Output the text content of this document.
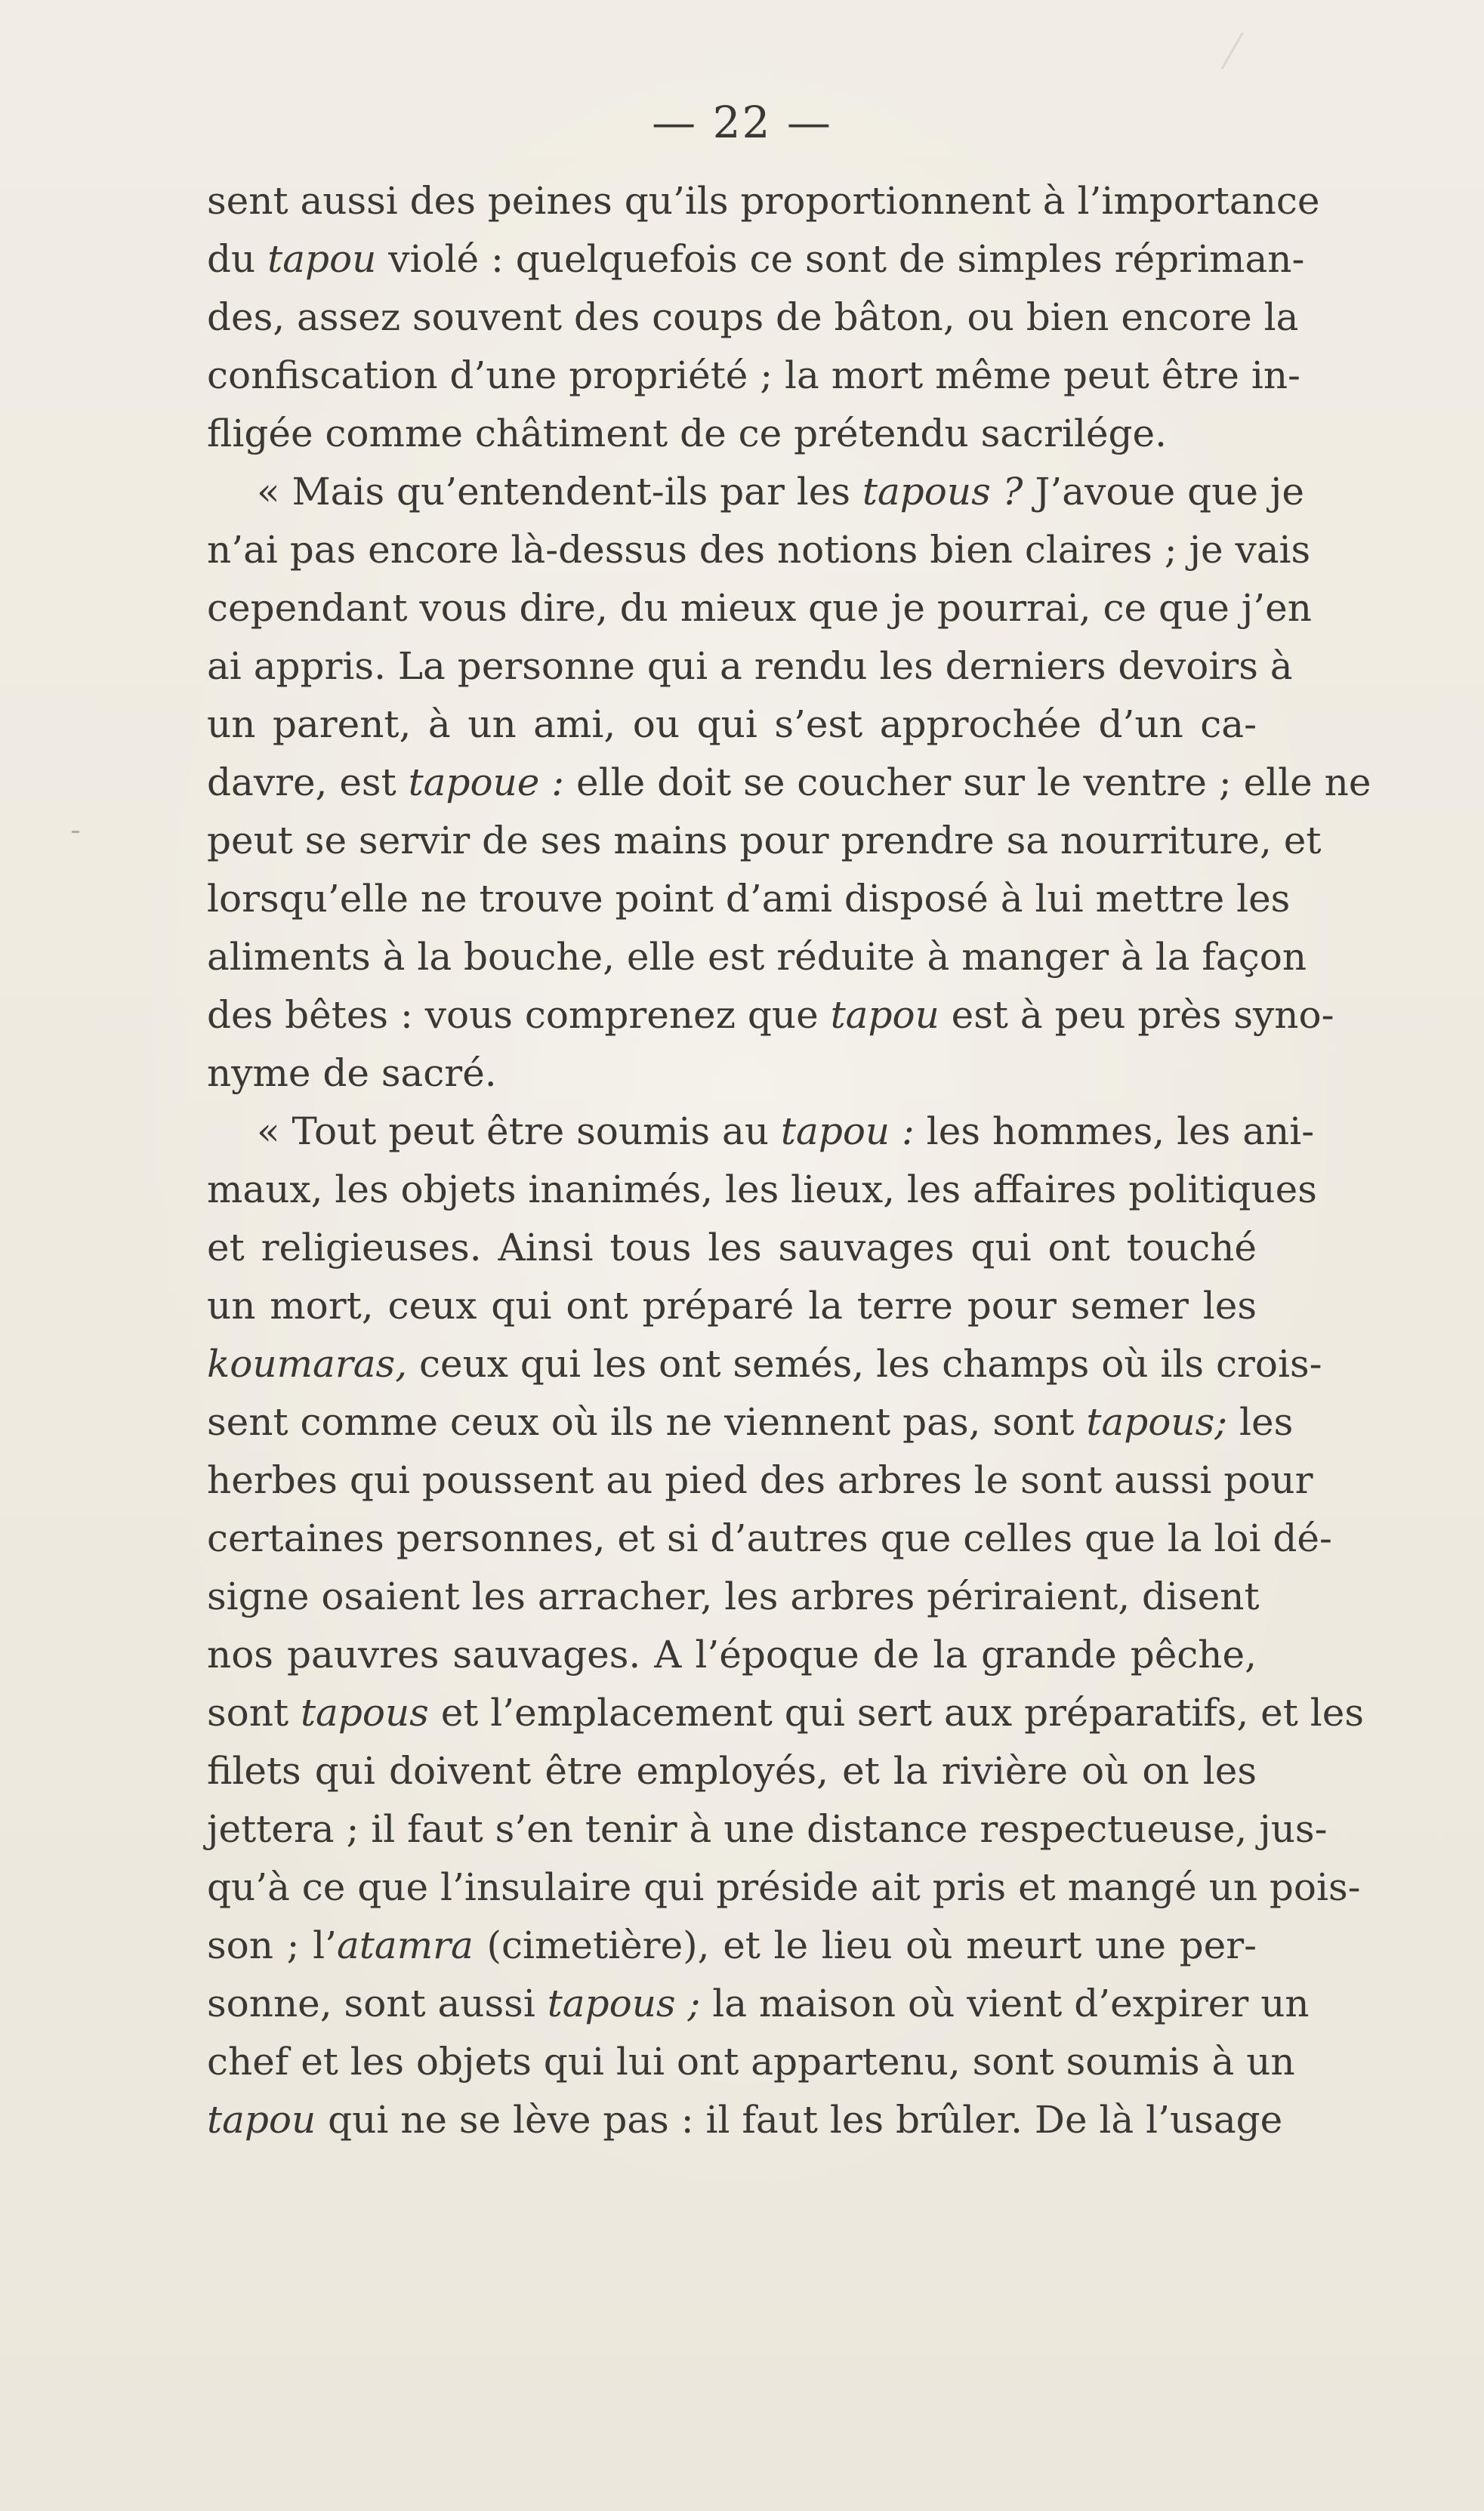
— 22 —
sent aussi des peines qu’ils proportionnent à l’importance
du tapou violé : quelquefois ce sont de simples répriman-
des, assez souvent des coups de bâton, ou bien encore la
confiscation d’une propriété ; la mort même peut être in-
fligée comme châtiment de ce prétendu sacrilége.
« Mais qu’entendent-ils par les tapous ? J’avoue que je
n’ai pas encore là-dessus des notions bien claires ; je vais
cependant vous dire, du mieux que je pourrai, ce que j’en
ai appris. La personne qui a rendu les derniers devoirs à
un parent, à un ami, ou qui s’est approchée d’un ca-
davre, est tapoue : elle doit se coucher sur le ventre ; elle ne
peut se servir de ses mains pour prendre sa nourriture, et
lorsqu’elle ne trouve point d’ami disposé à lui mettre les
aliments à la bouche, elle est réduite à manger à la façon
des bêtes : vous comprenez que tapou est à peu près syno-
nyme de sacré.
« Tout peut être soumis au tapou : les hommes, les ani-
maux, les objets inanimés, les lieux, les affaires politiques
et religieuses. Ainsi tous les sauvages qui ont touché
un mort, ceux qui ont préparé la terre pour semer les
koumaras, ceux qui les ont semés, les champs où ils crois-
sent comme ceux où ils ne viennent pas, sont tapous; les
herbes qui poussent au pied des arbres le sont aussi pour
certaines personnes, et si d’autres que celles que la loi dé-
signe osaient les arracher, les arbres périraient, disent
nos pauvres sauvages. A l’époque de la grande pêche,
sont tapous et l’emplacement qui sert aux préparatifs, et les
filets qui doivent être employés, et la rivière où on les
jettera ; il faut s’en tenir à une distance respectueuse, jus-
qu’à ce que l’insulaire qui préside ait pris et mangé un pois-
son ; l’atamra (cimetière), et le lieu où meurt une per-
sonne, sont aussi tapous ; la maison où vient d’expirer un
chef et les objets qui lui ont appartenu, sont soumis à un
tapou qui ne se lève pas : il faut les brûler. De là l’usage
